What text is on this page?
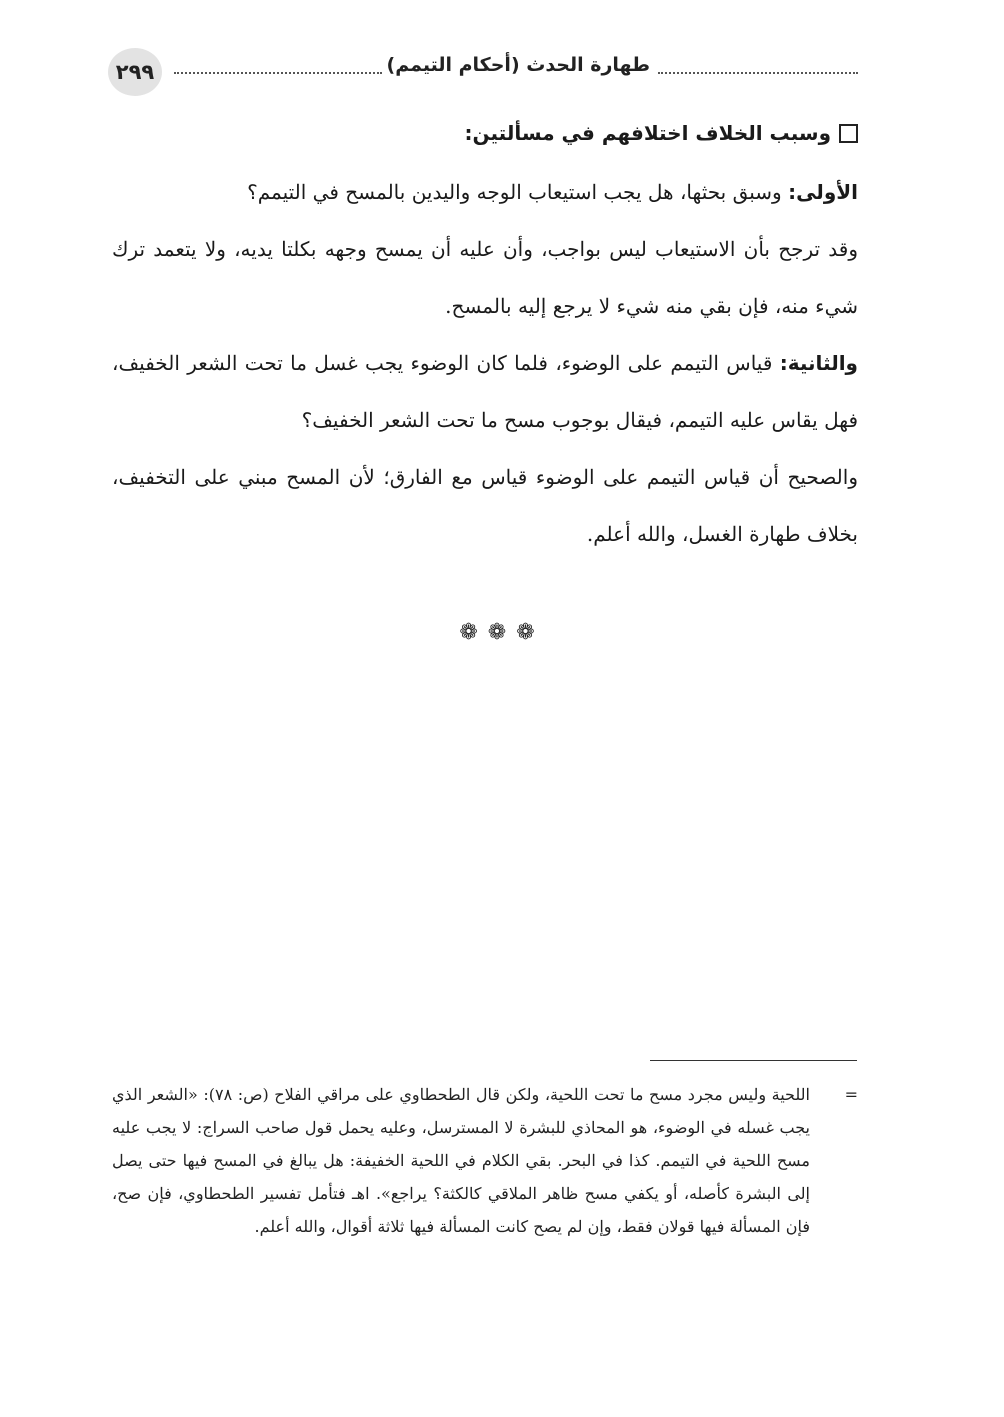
٢٩٩	طهارة الحدث (أحكام التيمم)
وسبب الخلاف اختلافهم في مسألتين:

الأولى: وسبق بحثها، هل يجب استيعاب الوجه واليدين بالمسح في التيمم؟

وقد ترجح بأن الاستيعاب ليس بواجب، وأن عليه أن يمسح وجهه بكلتا يديه، ولا يتعمد ترك شيء منه، فإن بقي منه شيء لا يرجع إليه بالمسح.

والثانية: قياس التيمم على الوضوء، فلما كان الوضوء يجب غسل ما تحت الشعر الخفيف، فهل يقاس عليه التيمم، فيقال بوجوب مسح ما تحت الشعر الخفيف؟

والصحيح أن قياس التيمم على الوضوء قياس مع الفارق؛ لأن المسح مبني على التخفيف، بخلاف طهارة الغسل، والله أعلم.

❁❁❁
=
اللحية وليس مجرد مسح ما تحت اللحية، ولكن قال الطحطاوي على مراقي الفلاح (ص: ٧٨): «الشعر الذي يجب غسله في الوضوء، هو المحاذي للبشرة لا المسترسل، وعليه يحمل قول صاحب السراج: لا يجب عليه مسح اللحية في التيمم. كذا في البحر. بقي الكلام في اللحية الخفيفة: هل يبالغ في المسح فيها حتى يصل إلى البشرة كأصله، أو يكفي مسح ظاهر الملاقي كالكثة؟ يراجع». اهـ فتأمل تفسير الطحطاوي، فإن صح، فإن المسألة فيها قولان فقط، وإن لم يصح كانت المسألة فيها ثلاثة أقوال، والله أعلم.
